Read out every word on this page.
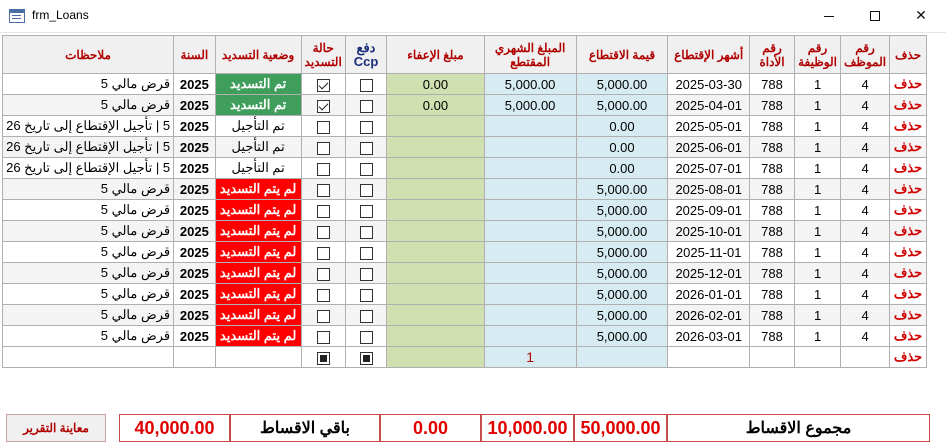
frm_Loans	✕
حذف	رقم الموظف	رقم الوظيفة	رقم الأداة	أشهر الإقتطاع	قيمة الاقتطاع	المبلغ الشهري المقتطع	مبلغ الإعفاء	دفع Ccp	حالة التسديد	وضعية التسديد	السنة	ملاحظات
حذف	4	1	788	2025-03-30	5,000.00	5,000.00	0.00			تم التسديد	2025	قرض مالي 5
حذف	4	1	788	2025-04-01	5,000.00	5,000.00	0.00			تم التسديد	2025	قرض مالي 5
حذف	4	1	788	2025-05-01	0.00					تم التأجيل	2025	5 | تأجيل الإقتطاع إلى تاريخ 26
حذف	4	1	788	2025-06-01	0.00					تم التأجيل	2025	5 | تأجيل الإقتطاع إلى تاريخ 26
حذف	4	1	788	2025-07-01	0.00					تم التأجيل	2025	5 | تأجيل الإقتطاع إلى تاريخ 26
حذف	4	1	788	2025-08-01	5,000.00					لم يتم التسديد	2025	قرض مالي 5
حذف	4	1	788	2025-09-01	5,000.00					لم يتم التسديد	2025	قرض مالي 5
حذف	4	1	788	2025-10-01	5,000.00					لم يتم التسديد	2025	قرض مالي 5
حذف	4	1	788	2025-11-01	5,000.00					لم يتم التسديد	2025	قرض مالي 5
حذف	4	1	788	2025-12-01	5,000.00					لم يتم التسديد	2025	قرض مالي 5
حذف	4	1	788	2026-01-01	5,000.00					لم يتم التسديد	2025	قرض مالي 5
حذف	4	1	788	2026-02-01	5,000.00					لم يتم التسديد	2025	قرض مالي 5
حذف	4	1	788	2026-03-01	5,000.00					لم يتم التسديد	2025	قرض مالي 5
حذف						1						
مجموع الاقساط
50,000.00
10,000.00
0.00
باقي الاقساط
40,000.00
معاينة التقرير
